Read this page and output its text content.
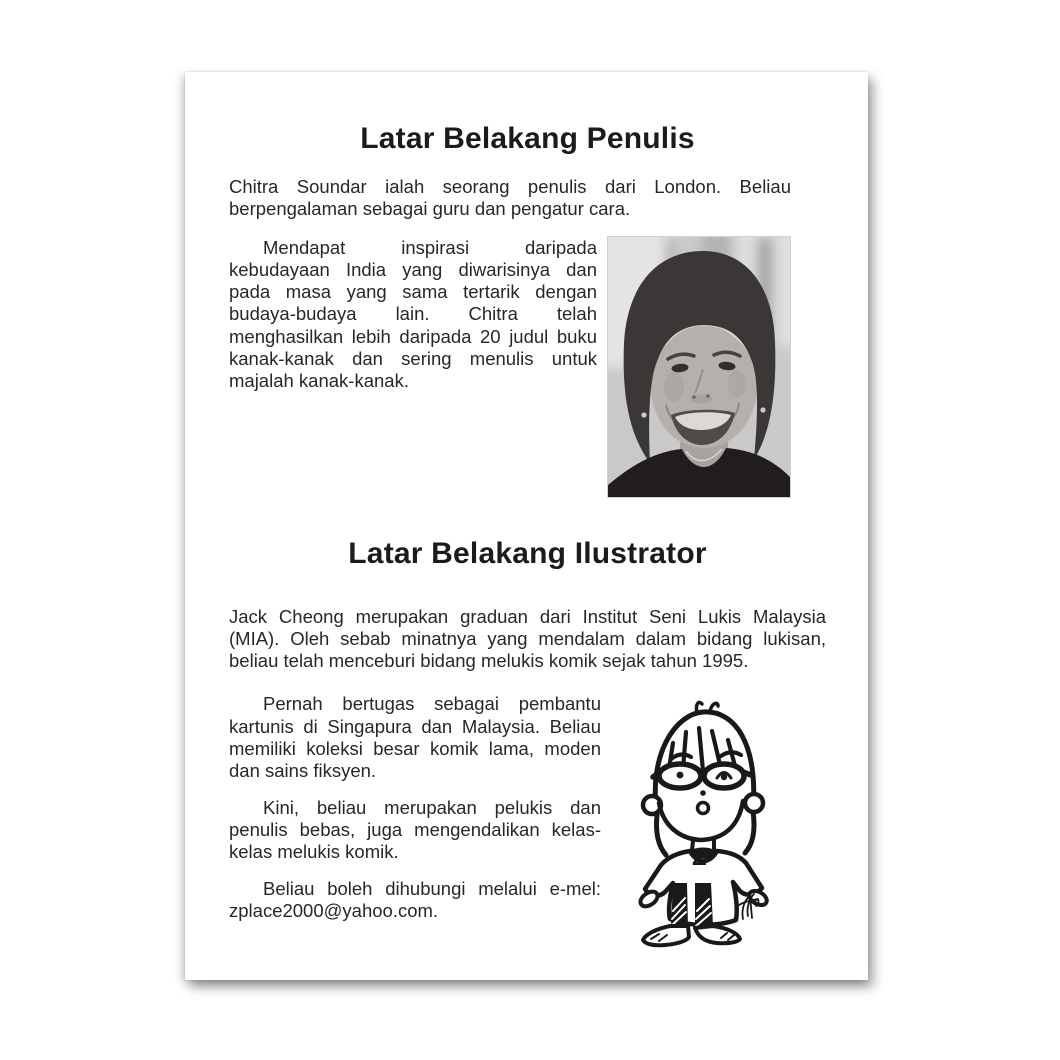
Latar Belakang Penulis

Chitra Soundar ialah seorang penulis dari London. Beliau berpengalaman sebagai guru dan pengatur cara.

Mendapat inspirasi daripada kebudayaan India yang diwarisinya dan pada masa yang sama tertarik dengan budaya-budaya lain. Chitra telah menghasilkan lebih daripada 20 judul buku kanak-kanak dan sering menulis untuk majalah kanak-kanak.

Latar Belakang Ilustrator

Jack Cheong merupakan graduan dari Institut Seni Lukis Malaysia (MIA). Oleh sebab minatnya yang mendalam dalam bidang lukisan, beliau telah menceburi bidang melukis komik sejak tahun 1995.

Pernah bertugas sebagai pembantu kartunis di Singapura dan Malaysia. Beliau memiliki koleksi besar komik lama, moden dan sains fiksyen.

Kini, beliau merupakan pelukis dan penulis bebas, juga mengendalikan kelas-kelas melukis komik.

Beliau boleh dihubungi melalui e-mel: zplace2000@yahoo.com.

Z
